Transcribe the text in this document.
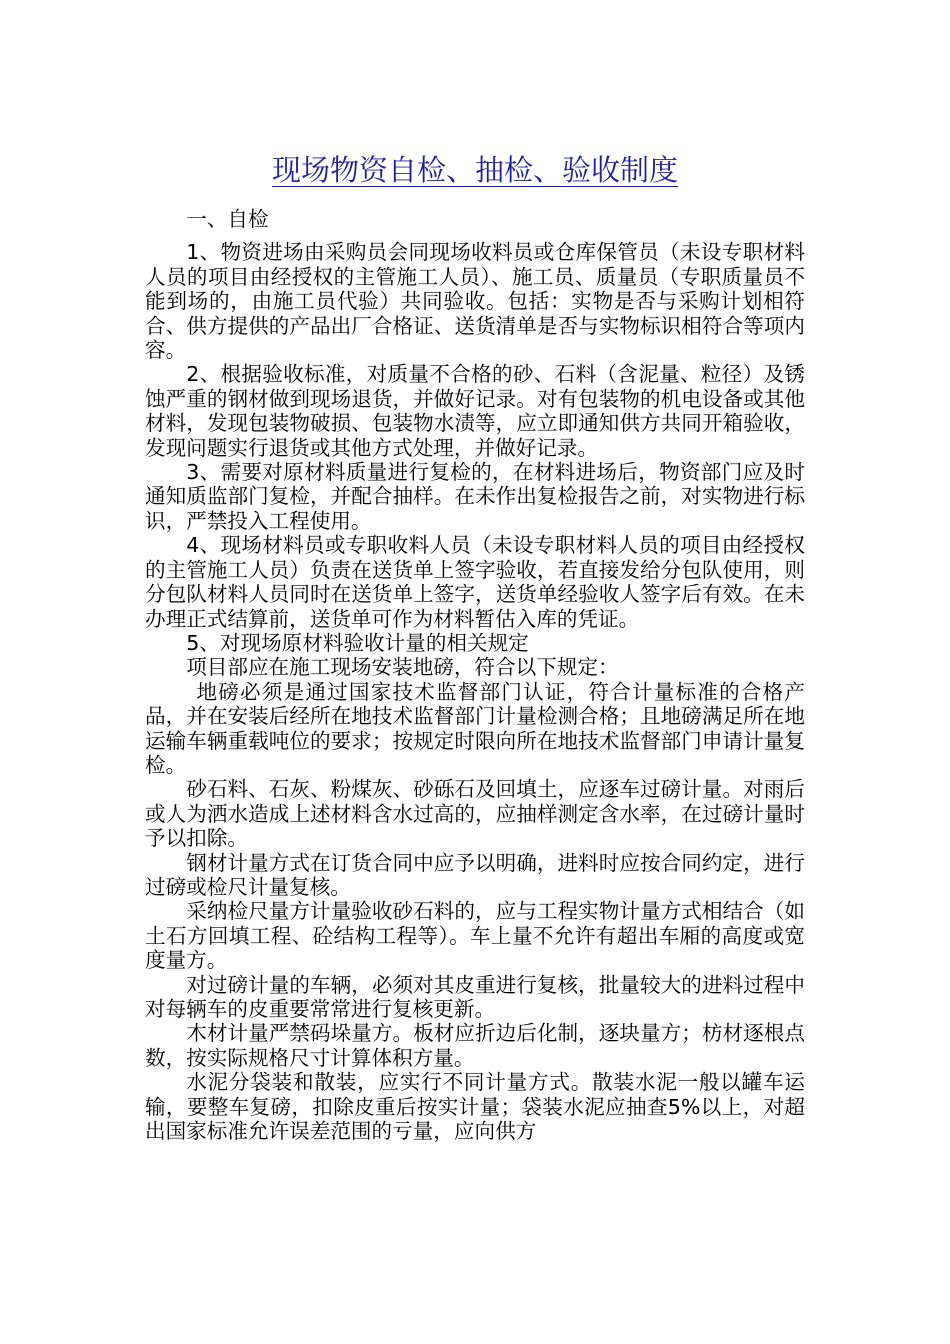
现场物资自检、抽检、验收制度

一、自检

1、物资进场由采购员会同现场收料员或仓库保管员（未设专职材料人员的项目由经授权的主管施工人员）、施工员、质量员（专职质量员不能到场的，由施工员代验）共同验收。包括：实物是否与采购计划相符合、供方提供的产品出厂合格证、送货清单是否与实物标识相符合等项内容。

2、根据验收标准，对质量不合格的砂、石料（含泥量、粒径）及锈蚀严重的钢材做到现场退货，并做好记录。对有包装物的机电设备或其他材料，发现包装物破损、包装物水渍等，应立即通知供方共同开箱验收，发现问题实行退货或其他方式处理，并做好记录。

3、需要对原材料质量进行复检的，在材料进场后，物资部门应及时通知质监部门复检，并配合抽样。在未作出复检报告之前，对实物进行标识，严禁投入工程使用。

4、现场材料员或专职收料人员（未设专职材料人员的项目由经授权的主管施工人员）负责在送货单上签字验收，若直接发给分包队使用，则分包队材料人员同时在送货单上签字，送货单经验收人签字后有效。在未办理正式结算前，送货单可作为材料暂估入库的凭证。

5、对现场原材料验收计量的相关规定

项目部应在施工现场安装地磅，符合以下规定：

地磅必须是通过国家技术监督部门认证，符合计量标准的合格产品，并在安装后经所在地技术监督部门计量检测合格；且地磅满足所在地运输车辆重载吨位的要求；按规定时限向所在地技术监督部门申请计量复检。

砂石料、石灰、粉煤灰、砂砾石及回填土，应逐车过磅计量。对雨后或人为洒水造成上述材料含水过高的，应抽样测定含水率，在过磅计量时予以扣除。

钢材计量方式在订货合同中应予以明确，进料时应按合同约定，进行过磅或检尺计量复核。

采纳检尺量方计量验收砂石料的，应与工程实物计量方式相结合（如土石方回填工程、砼结构工程等）。车上量不允许有超出车厢的高度或宽度量方。

对过磅计量的车辆，必须对其皮重进行复核，批量较大的进料过程中对每辆车的皮重要常常进行复核更新。

木材计量严禁码垛量方。板材应折边后化制，逐块量方；枋材逐根点数，按实际规格尺寸计算体积方量。

水泥分袋装和散装，应实行不同计量方式。散装水泥一般以罐车运输，要整车复磅，扣除皮重后按实计量；袋装水泥应抽查5%以上，对超出国家标准允许误差范围的亏量，应向供方
